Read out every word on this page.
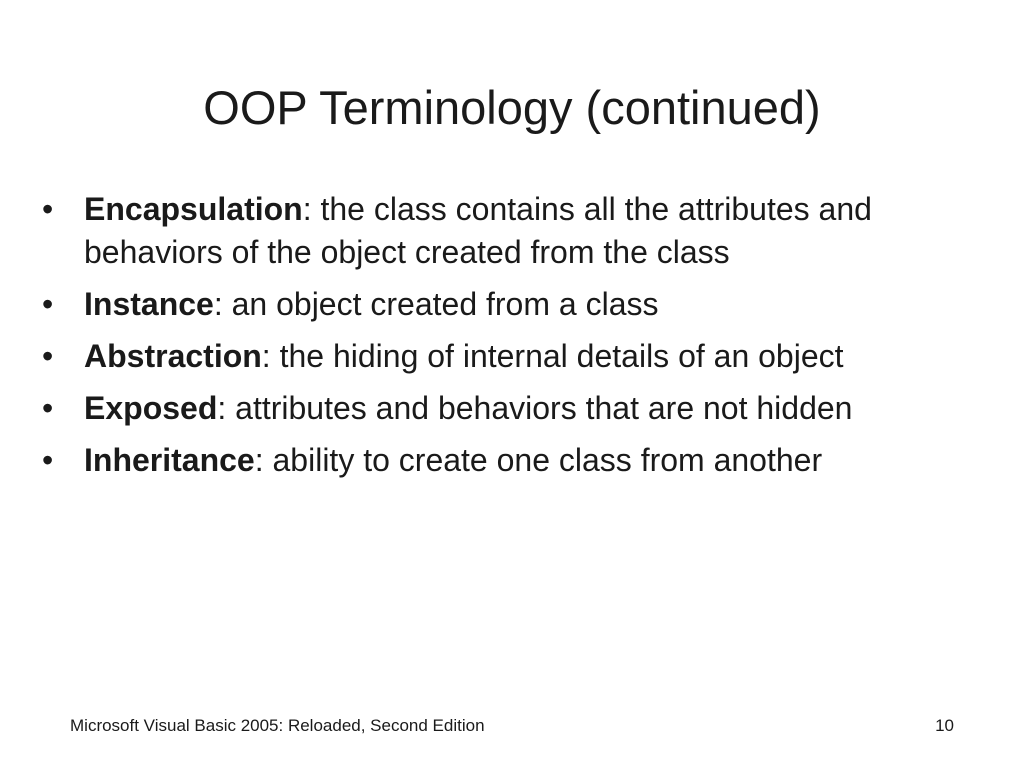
OOP Terminology (continued)
• Encapsulation: the class contains all the attributes and behaviors of the object created from the class
• Instance: an object created from a class
• Abstraction: the hiding of internal details of an object
• Exposed: attributes and behaviors that are not hidden
• Inheritance: ability to create one class from another
Microsoft Visual Basic 2005: Reloaded, Second Edition	10
